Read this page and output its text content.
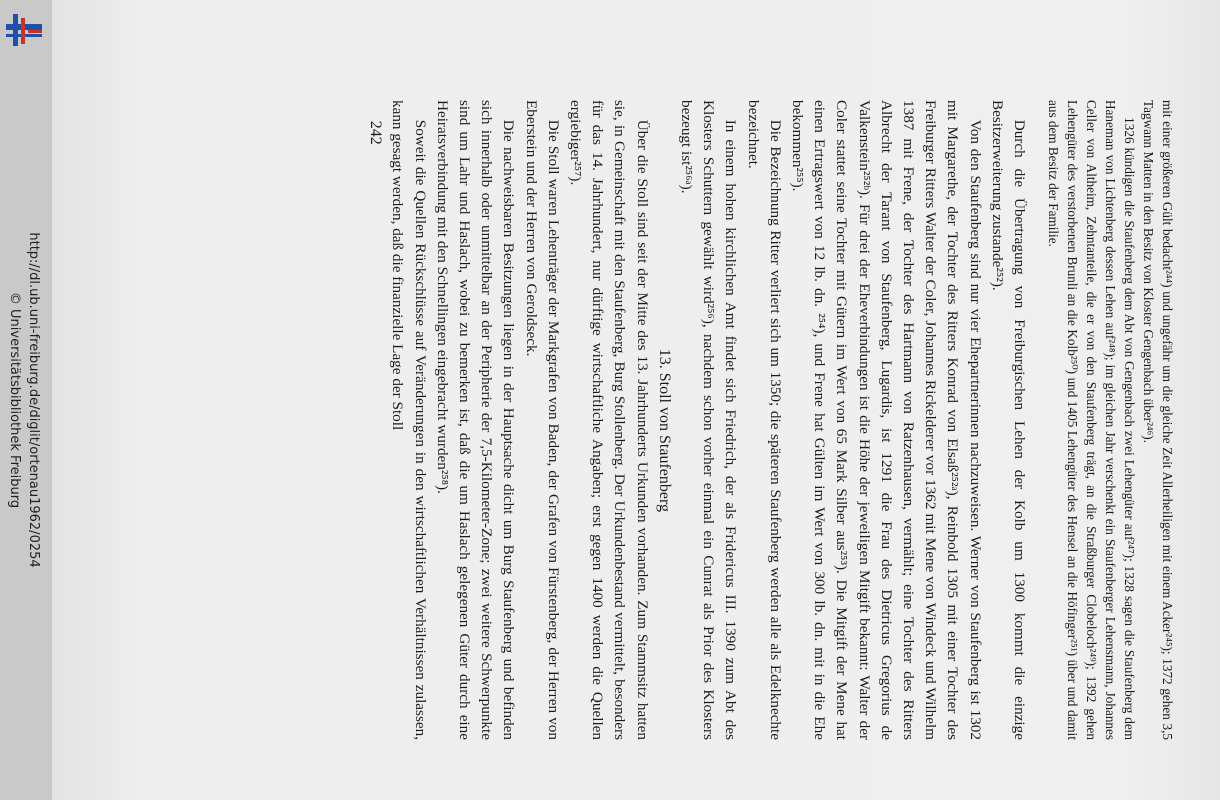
http://dl.ub.uni-freiburg.de/diglit/ortenau1962/0254
© Universitätsbibliothek Freiburg	mit einer größeren Gült bedacht²⁴⁴) und ungefähr um die gleiche Zeit Allerheiligen mit einem Acker²⁴⁵); 1372 gehen 3,5 Tagwann Matten in den Besitz von Kloster Gengenbach über²⁴⁶).

1326 kündigen die Staufenberg dem Abt von Gengenbach zwei Lehengüter auf²⁴⁷); 1328 sagen die Staufenberg dem Haneman von Lichtenberg dessen Lehen auf²⁴⁸); im gleichen Jahr verschenkt ein Staufenberger Lehensmann, Johannes Celler von Altheim, Zehntanteile, die er von den Staufenberg trägt, an die Straßburger Clobeloch²⁴⁹); 1392 gehen Lehengüter des verstorbenen Brunli an die Kolb²⁵⁰) und 1405 Lehengüter des Hensel an die Höfinger²⁵¹) über und damit aus dem Besitz der Familie.

Durch die Übertragung von Freiburgischen Lehen der Kolb um 1300 kommt die einzige Besitzerweiterung zustande²⁵²).

Von den Staufenberg sind nur vier Ehepartnerinnen nachzuweisen. Werner von Staufenberg ist 1302 mit Margarethe, der Tochter des Ritters Konrad von Elsaß²⁵²ᵃ), Reinbold 1305 mit einer Tochter des Freiburger Ritters Walter der Coler, Johannes Rickelderer vor 1362 mit Mene von Windeck und Wilhelm 1387 mit Frene, der Tochter des Hartmann von Ratzenhausen, vermählt; eine Tochter des Ritters Albrecht der Tarant von Staufenberg, Lugardis, ist 1291 die Frau des Dietricus Gregorius de Valkenstein²⁵²ᵇ). Für drei der Eheverbindungen ist die Höhe der jeweiligen Mitgift bekannt: Walter der Coler stattet seine Tochter mit Gütern im Wert von 65 Mark Silber aus²⁵³). Die Mitgift der Mene hat einen Ertragswert von 12 lb. dn. ²⁵⁴), und Frene hat Gülten im Wert von 300 lb. dn. mit in die Ehe bekommen²⁵⁵).

Die Bezeichnung Ritter verliert sich um 1350; die späteren Staufenberg werden alle als Edelknechte bezeichnet.

In einem hohen kirchlichen Amt findet sich Friedrich, der als Fridericus III. 1390 zum Abt des Klosters Schuttern gewählt wird²⁵⁶), nachdem schon vorher einmal ein Cunrat als Prior des Klosters bezeugt ist²⁵⁶ᵃ).

13. Stoll von Staufenberg

Über die Stoll sind seit der Mitte des 13. Jahrhunderts Urkunden vorhanden. Zum Stammsitz hatten sie, in Gemeinschaft mit den Staufenberg, Burg Stollenberg. Der Urkundenbestand vermittelt, besonders für das 14. Jahrhundert, nur dürftige wirtschaftliche Angaben; erst gegen 1400 werden die Quellen ergiebiger²⁵⁷).

Die Stoll waren Lehenträger der Markgrafen von Baden, der Grafen von Fürstenberg, der Herren von Eberstein und der Herren von Geroldseck.

Die nachweisbaren Besitzungen liegen in der Hauptsache dicht um Burg Staufenberg und befinden sich innerhalb oder unmittelbar an der Peripherie der 7,5-Kilometer-Zone; zwei weitere Schwerpunkte sind um Lahr und Haslach, wobei zu bemerken ist, daß die um Haslach gelegenen Güter durch eine Heiratsverbindung mit den Schnellingen eingebracht wurden²⁵⁸).

Soweit die Quellen Rückschlüsse auf Veränderungen in den wirtschaftlichen Verhältnissen zulassen, kann gesagt werden, daß die finanzielle Lage der Stoll

242
